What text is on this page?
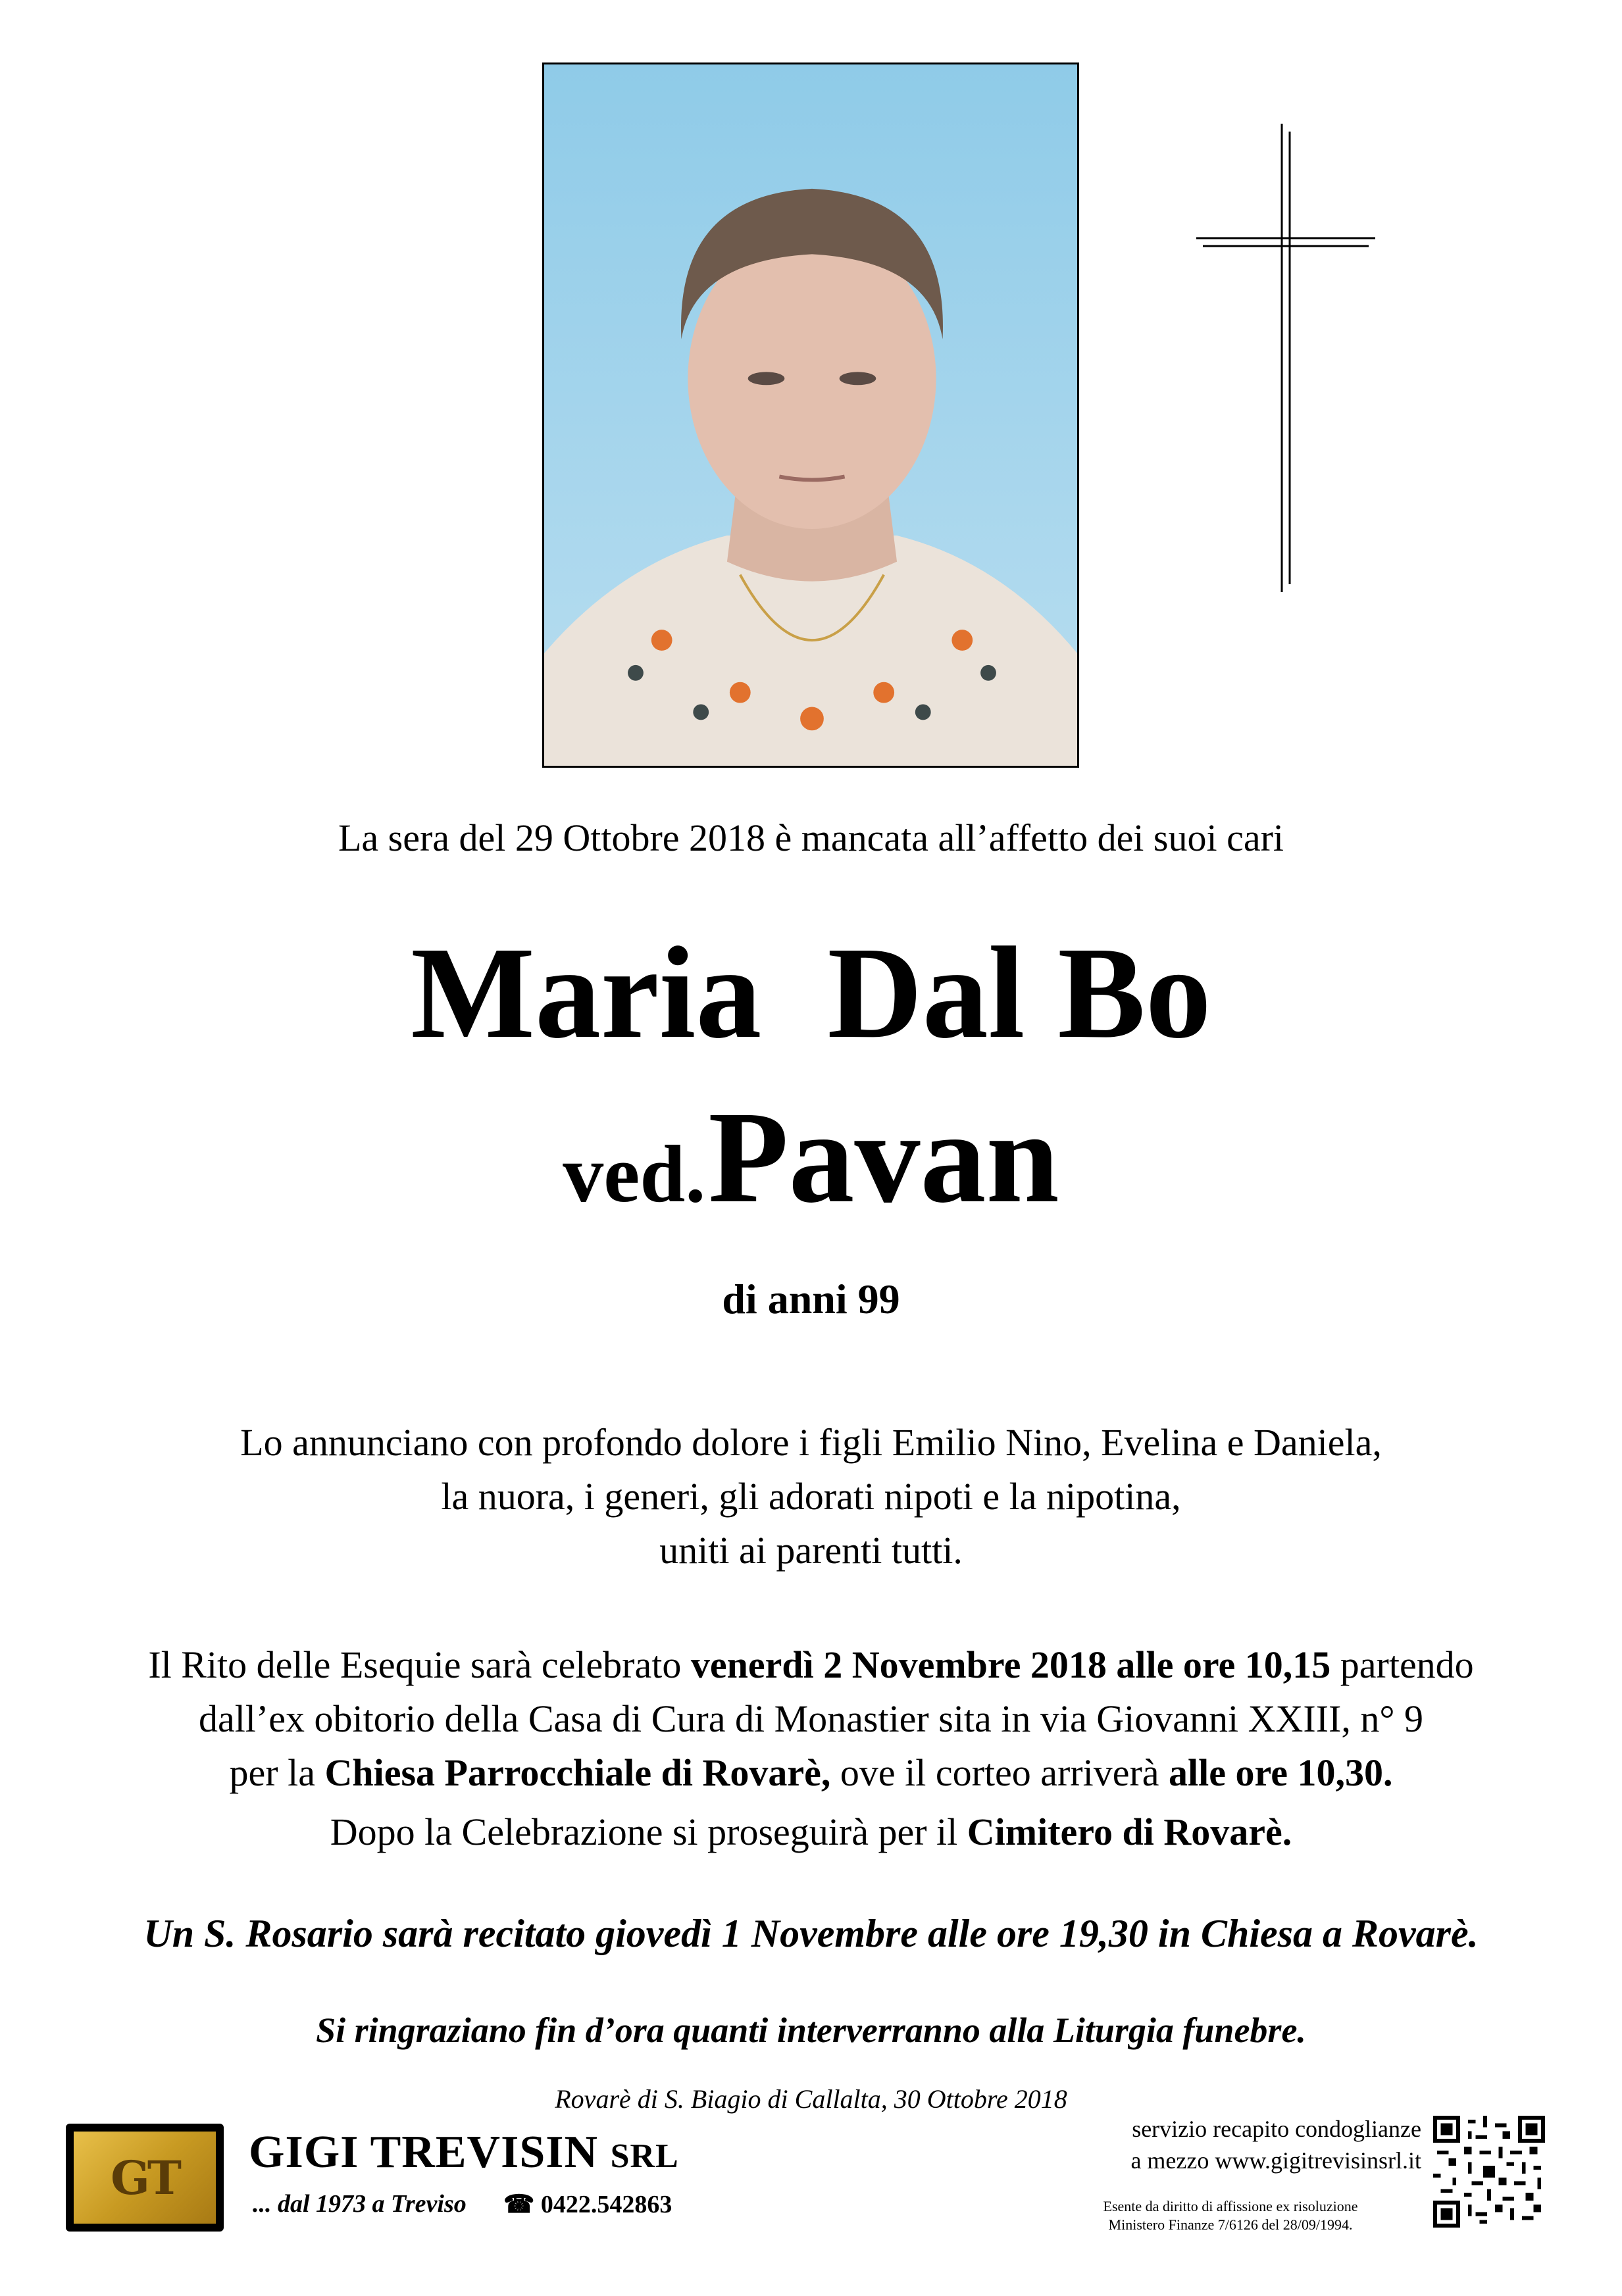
La sera del 29 Ottobre 2018 è mancata all’affetto dei suoi cari
Maria Dal Bo
ved. Pavan
di anni 99
Lo annunciano con profondo dolore i figli Emilio Nino, Evelina e Daniela,
la nuora, i generi, gli adorati nipoti e la nipotina,
uniti ai parenti tutti.
Il Rito delle Esequie sarà celebrato venerdì 2 Novembre 2018 alle ore 10,15 partendo
dall’ex obitorio della Casa di Cura di Monastier sita in via Giovanni XXIII, n° 9
per la Chiesa Parrocchiale di Rovarè, ove il corteo arriverà alle ore 10,30.
Dopo la Celebrazione si proseguirà per il Cimitero di Rovarè.
Un S. Rosario sarà recitato giovedì 1 Novembre alle ore 19,30 in Chiesa a Rovarè.
Si ringraziano fin d’ora quanti interverranno alla Liturgia funebre.
Rovarè di S. Biagio di Callalta, 30 Ottobre 2018
GT	GIGI TREVISIN SRL
... dal 1973 a Treviso ☎ 0422.542863
servizio recapito condoglianze
a mezzo www.gigitrevisinsrl.it
Esente da diritto di affissione ex risoluzione
Ministero Finanze 7/6126 del 28/09/1994.
